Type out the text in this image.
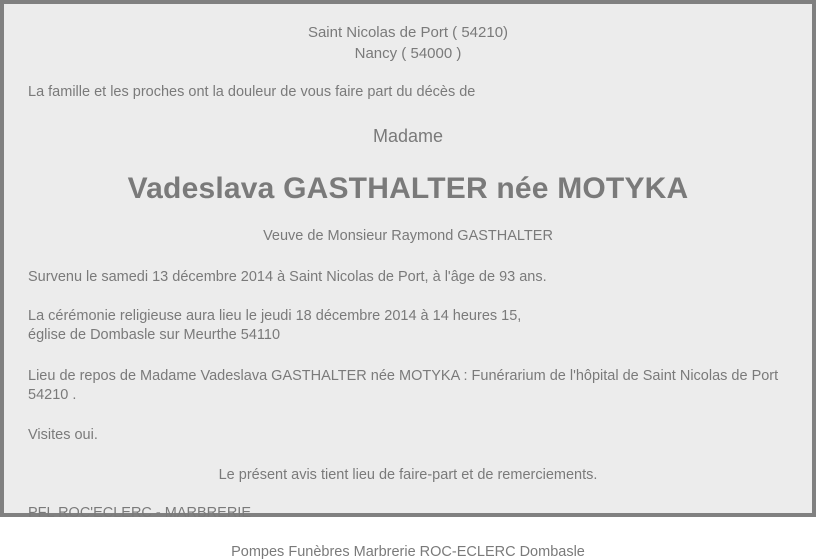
Saint Nicolas de Port ( 54210)
Nancy ( 54000 )
La famille et les proches ont la douleur de vous faire part du décès de
Madame
Vadeslava GASTHALTER née MOTYKA
Veuve de Monsieur Raymond GASTHALTER
Survenu le samedi 13 décembre 2014 à Saint Nicolas de Port, à l'âge de 93 ans.
La cérémonie religieuse aura lieu le jeudi 18 décembre 2014 à 14 heures 15,
église de Dombasle sur Meurthe 54110
Lieu de repos de Madame Vadeslava GASTHALTER née MOTYKA : Funérarium de l'hôpital de Saint Nicolas de Port
54210 .
Visites oui.
Le présent avis tient lieu de faire-part et de remerciements.
PFL ROC'ECLERC - MARBRERIE
Pompes Funèbres Marbrerie ROC-ECLERC Dombasle
